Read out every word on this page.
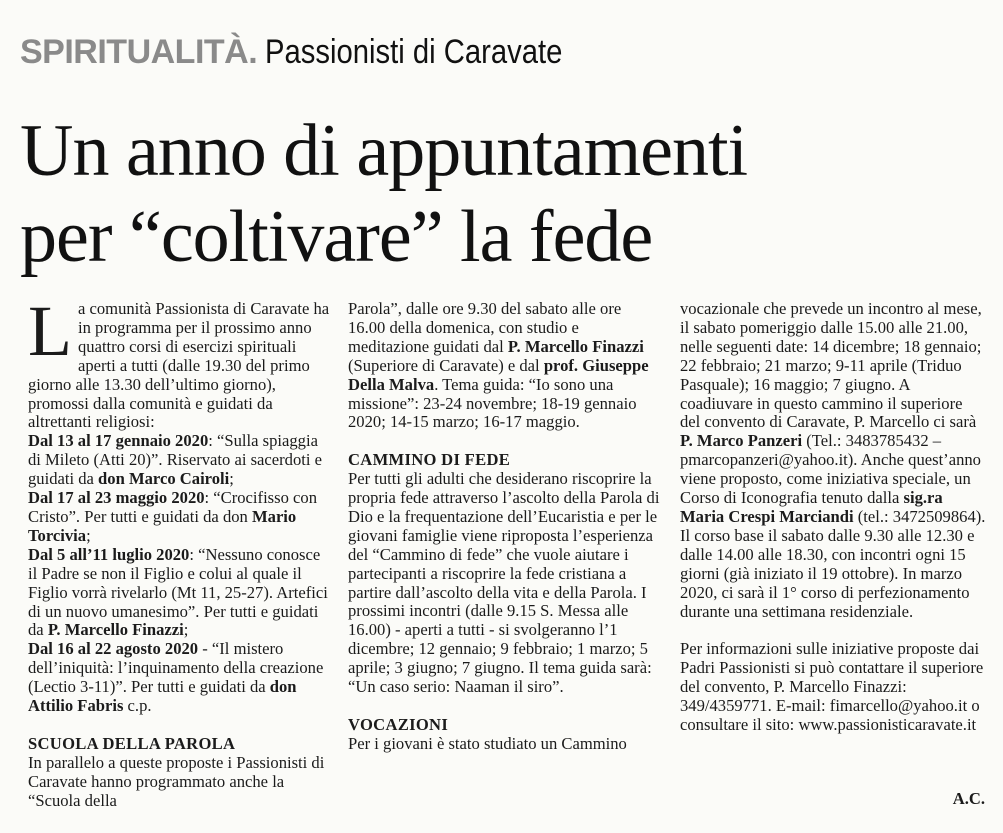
SPIRITUALITÀ. Passionisti di Caravate
Un anno di appuntamenti
per “coltivare” la fede

La comunità Passionista di Caravate ha in programma per il prossimo anno quattro corsi di esercizi spirituali aperti a tutti (dalle 19.30 del primo giorno alle 13.30 dell’ultimo giorno), promossi dalla comunità e guidati da altrettanti religiosi:

Dal 13 al 17 gennaio 2020: “Sulla spiaggia di Mileto (Atti 20)”. Riservato ai sacerdoti e guidati da don Marco Cairoli;

Dal 17 al 23 maggio 2020: “Crocifisso con Cristo”. Per tutti e guidati da don Mario Torcivia;

Dal 5 all’11 luglio 2020: “Nessuno conosce il Padre se non il Figlio e colui al quale il Figlio vorrà rivelarlo (Mt 11, 25-27). Artefici di un nuovo umanesimo”. Per tutti e guidati da P. Marcello Finazzi;

Dal 16 al 22 agosto 2020 - “Il mistero dell’iniquità: l’inquinamento della creazione (Lectio 3-11)”. Per tutti e guidati da don Attilio Fabris c.p.

SCUOLA DELLA PAROLA

In parallelo a queste proposte i Passionisti di Caravate hanno programmato anche la “Scuola della

Parola”, dalle ore 9.30 del sabato alle ore 16.00 della domenica, con studio e meditazione guidati dal P. Marcello Finazzi (Superiore di Caravate) e dal prof. Giuseppe Della Malva. Tema guida: “Io sono una missione”: 23-24 novembre; 18-19 gennaio 2020; 14-15 marzo; 16-17 maggio.

CAMMINO DI FEDE

Per tutti gli adulti che desiderano riscoprire la propria fede attraverso l’ascolto della Parola di Dio e la frequentazione dell’Eucaristia e per le giovani famiglie viene riproposta l’esperienza del “Cammino di fede” che vuole aiutare i partecipanti a riscoprire la fede cristiana a partire dall’ascolto della vita e della Parola. I prossimi incontri (dalle 9.15 S. Messa alle 16.00) - aperti a tutti - si svolgeranno l’1 dicembre; 12 gennaio; 9 febbraio; 1 marzo; 5 aprile; 3 giugno; 7 giugno. Il tema guida sarà: “Un caso serio: Naaman il siro”.

VOCAZIONI

Per i giovani è stato studiato un Cammino

vocazionale che prevede un incontro al mese, il sabato pomeriggio dalle 15.00 alle 21.00, nelle seguenti date: 14 dicembre; 18 gennaio; 22 febbraio; 21 marzo; 9-11 aprile (Triduo Pasquale); 16 maggio; 7 giugno. A coadiuvare in questo cammino il superiore del convento di Caravate, P. Marcello ci sarà P. Marco Panzeri (Tel.: 3483785432 – pmarcopanzeri@yahoo.it). Anche quest’anno viene proposto, come iniziativa speciale, un Corso di Iconografia tenuto dalla sig.ra Maria Crespi Marciandi (tel.: 3472509864). Il corso base il sabato dalle 9.30 alle 12.30 e dalle 14.00 alle 18.30, con incontri ogni 15 giorni (già iniziato il 19 ottobre). In marzo 2020, ci sarà il 1° corso di perfezionamento durante una settimana residenziale.

Per informazioni sulle iniziative proposte dai Padri Passionisti si può contattare il superiore del convento, P. Marcello Finazzi: 349/4359771. E-mail: fimarcello@yahoo.it o consultare il sito: www.passionisticaravate.it

A.C.
